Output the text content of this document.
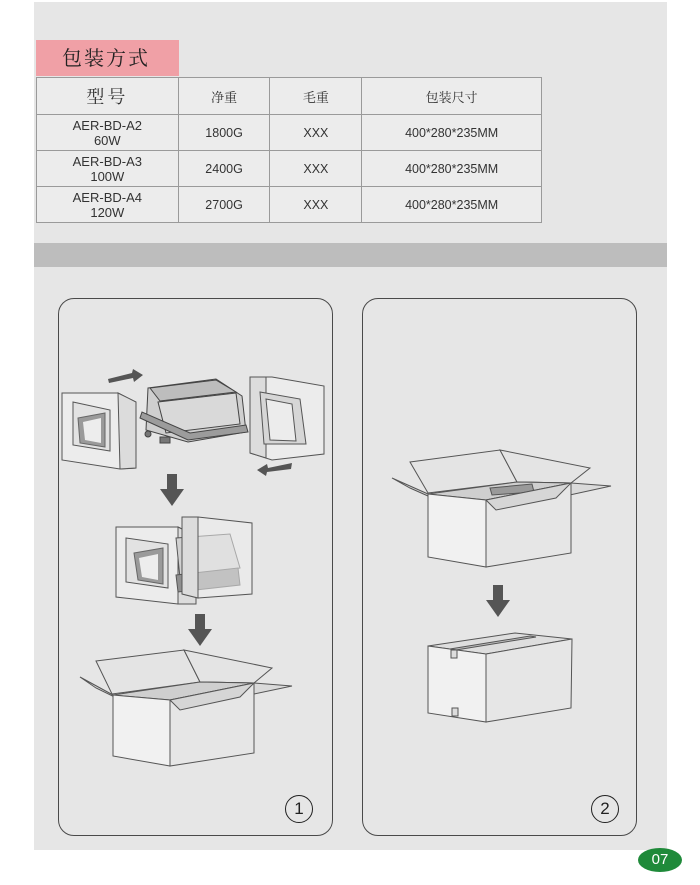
包装方式
型号	净重	毛重	包装尺寸

AER-BD-A2
60W	1800G	XXX	400*280*235MM

AER-BD-A3
100W	2400G	XXX	400*280*235MM

AER-BD-A4
120W	2700G	XXX	400*280*235MM
1	2
07
